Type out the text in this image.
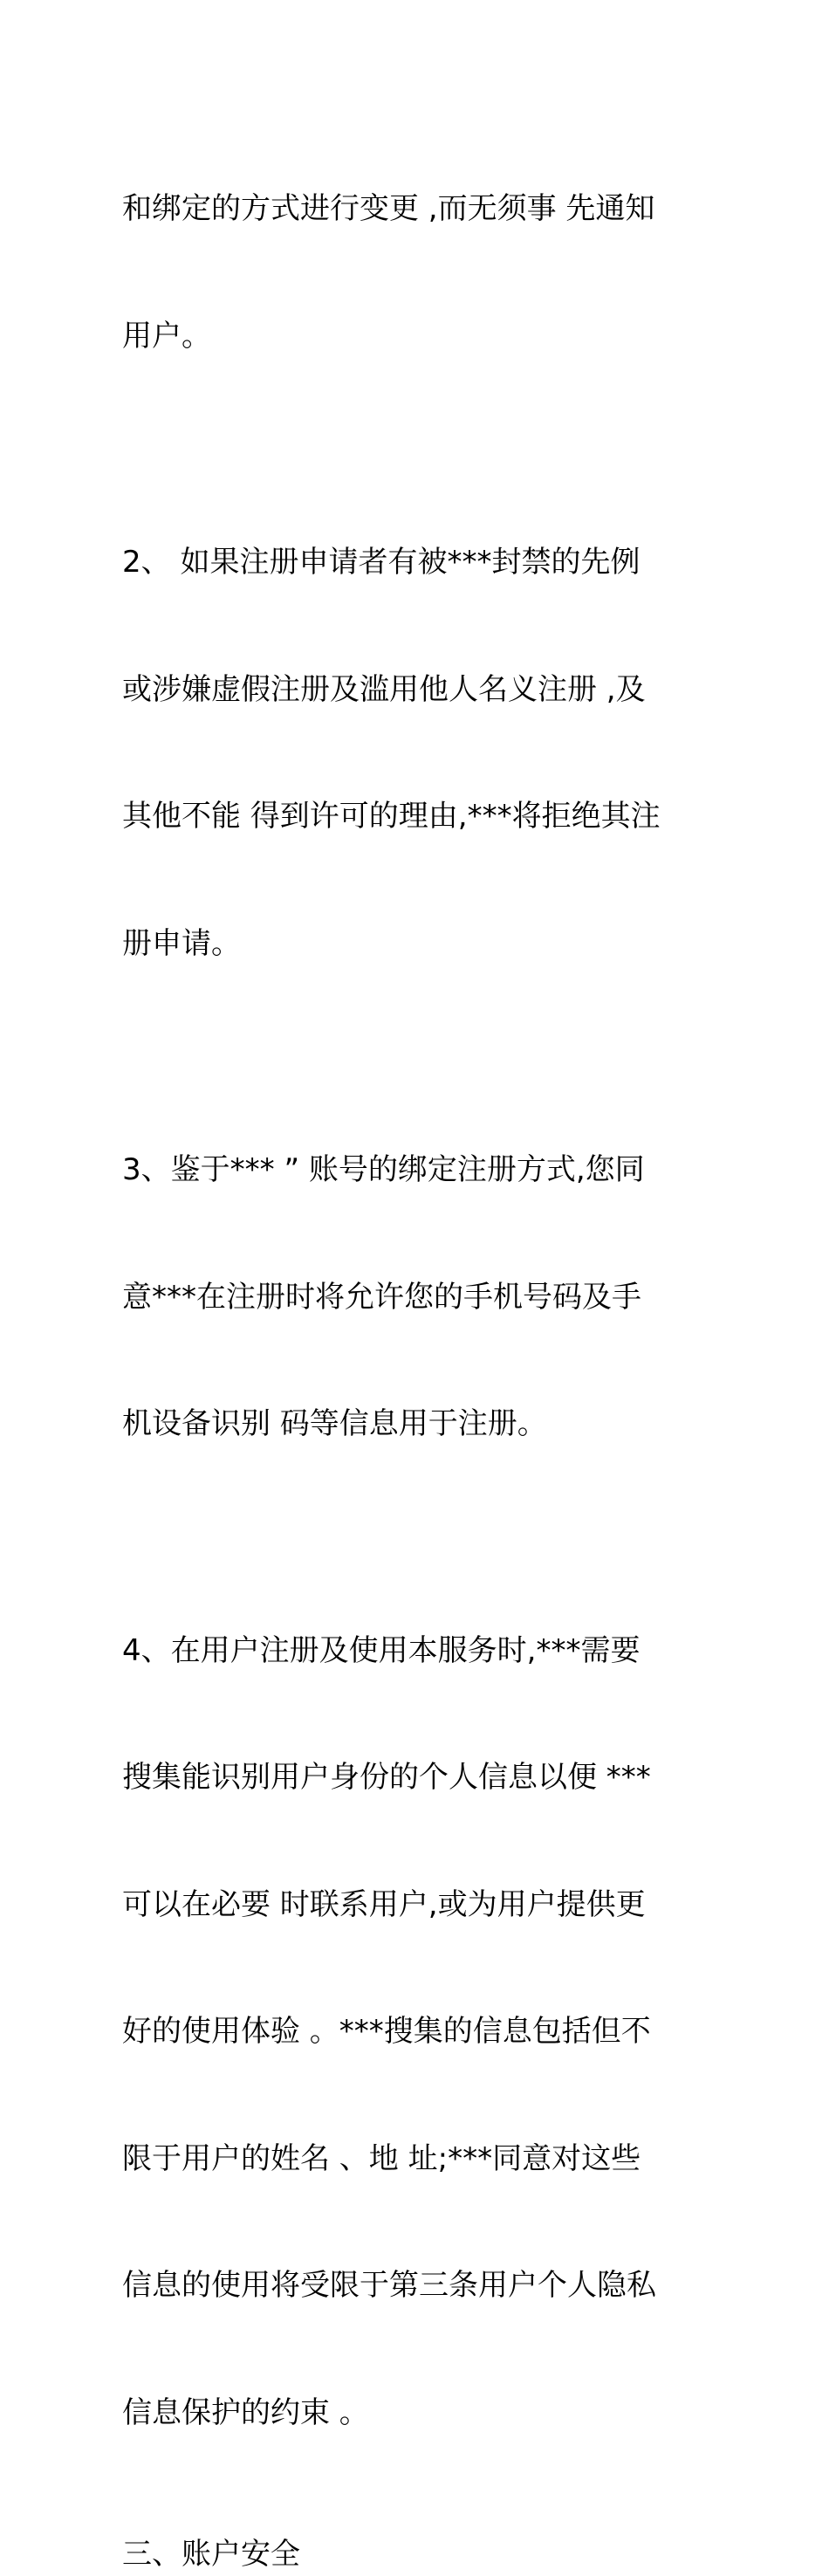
和绑定的方式进行变更 ,而无须事 先通知

用户。

2、 如果注册申请者有被***封禁的先例

或涉嫌虚假注册及滥用他人名义注册 ,及

其他不能 得到许可的理由,***将拒绝其注

册申请。

3、鉴于*** ” 账号的绑定注册方式,您同

意***在注册时将允许您的手机号码及手

机设备识别 码等信息用于注册。

4、在用户注册及使用本服务时,***需要

搜集能识别用户身份的个人信息以便 ***

可以在必要 时联系用户,或为用户提供更

好的使用体验 。***搜集的信息包括但不

限于用户的姓名 、地 址;***同意对这些

信息的使用将受限于第三条用户个人隐私

信息保护的约束 。

三、账户安全
